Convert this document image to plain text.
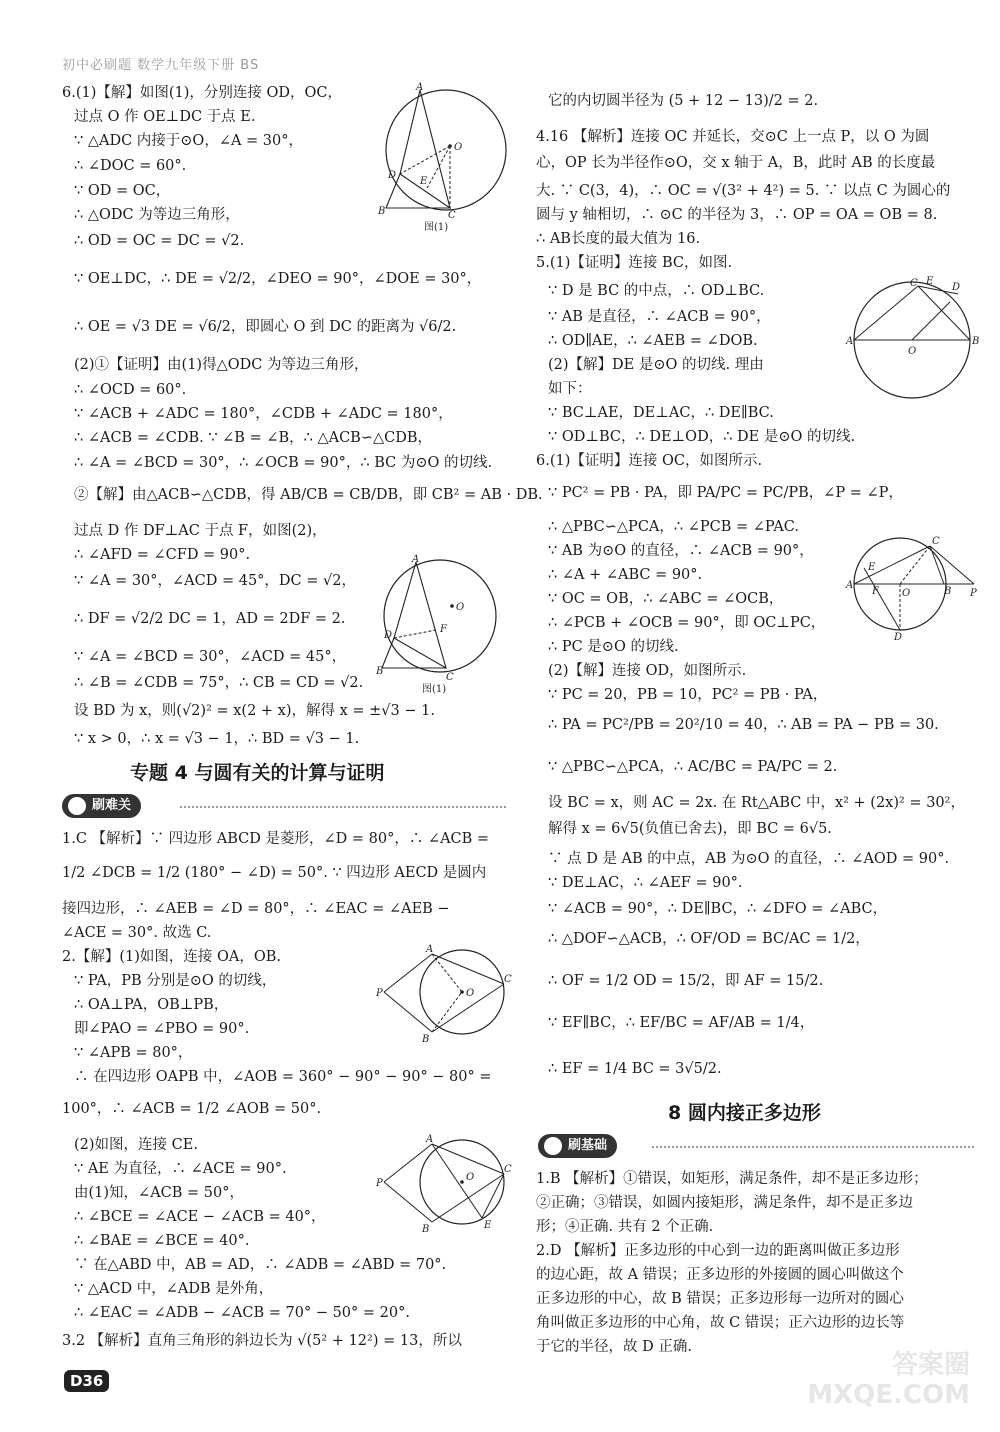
初中必刷题 数学九年级下册 BS
6.(1)【解】如图(1)，分别连接 OD，OC，
过点 O 作 OE⊥DC 于点 E.
∵ △ADC 内接于⊙O，∠A = 30°，
∴ ∠DOC = 60°.
∵ OD = OC，
∴ △ODC 为等边三角形，
∴ OD = OC = DC = √2.
∵ OE⊥DC，∴ DE = √2/2，∠DEO = 90°，∠DOE = 30°，
∴ OE = √3 DE = √6/2，即圆心 O 到 DC 的距离为 √6/2.
(2)①【证明】由(1)得△ODC 为等边三角形，
∴ ∠OCD = 60°.
∵ ∠ACB + ∠ADC = 180°，∠CDB + ∠ADC = 180°，
∴ ∠ACB = ∠CDB. ∵ ∠B = ∠B，∴ △ACB∽△CDB，
∴ ∠A = ∠BCD = 30°，∴ ∠OCB = 90°，∴ BC 为⊙O 的切线.
②【解】由△ACB∽△CDB，得 AB/CB = CB/DB，即 CB² = AB · DB.
过点 D 作 DF⊥AC 于点 F，如图(2)，
∴ ∠AFD = ∠CFD = 90°.
∵ ∠A = 30°，∠ACD = 45°，DC = √2，
∴ DF = √2/2 DC = 1，AD = 2DF = 2.
∵ ∠A = ∠BCD = 30°，∠ACD = 45°，
∴ ∠B = ∠CDB = 75°，∴ CB = CD = √2.
设 BD 为 x，则(√2)² = x(2 + x)，解得 x = ±√3 − 1.
∵ x > 0，∴ x = √3 − 1，∴ BD = √3 − 1.
1.C 【解析】∵ 四边形 ABCD 是菱形，∠D = 80°，∴ ∠ACB =
1/2 ∠DCB = 1/2 (180° − ∠D) = 50°. ∵ 四边形 AECD 是圆内
接四边形，∴ ∠AEB = ∠D = 80°，∴ ∠EAC = ∠AEB −
∠ACE = 30°. 故选 C.
2.【解】(1)如图，连接 OA，OB.
∵ PA，PB 分别是⊙O 的切线，
∴ OA⊥PA，OB⊥PB，
即∠PAO = ∠PBO = 90°.
∵ ∠APB = 80°，
∴ 在四边形 OAPB 中，∠AOB = 360° − 90° − 90° − 80° =
100°，∴ ∠ACB = 1/2 ∠AOB = 50°.
(2)如图，连接 CE.
∵ AE 为直径，∴ ∠ACE = 90°.
由(1)知，∠ACB = 50°，
∴ ∠BCE = ∠ACE − ∠ACB = 40°，
∴ ∠BAE = ∠BCE = 40°.
∵ 在△ABD 中，AB = AD，∴ ∠ADB = ∠ABD = 70°.
∵ △ACD 中，∠ADB 是外角，
∴ ∠EAC = ∠ADB − ∠ACB = 70° − 50° = 20°.
3.2 【解析】直角三角形的斜边长为 √(5² + 12²) = 13，所以
它的内切圆半径为 (5 + 12 − 13)/2 = 2.
4.16 【解析】连接 OC 并延长，交⊙C 上一点 P，以 O 为圆
心，OP 长为半径作⊙O，交 x 轴于 A，B，此时 AB 的长度最
大. ∵ C(3，4)，∴ OC = √(3² + 4²) = 5. ∵ 以点 C 为圆心的
圆与 y 轴相切，∴ ⊙C 的半径为 3，∴ OP = OA = OB = 8.
∴ AB长度的最大值为 16.
5.(1)【证明】连接 BC，如图.
∵ D 是 BC 的中点，∴ OD⊥BC.
∵ AB 是直径，∴ ∠ACB = 90°，
∴ OD∥AE，∴ ∠AEB = ∠DOB.
(2)【解】DE 是⊙O 的切线. 理由
如下：
∵ BC⊥AE，DE⊥AC，∴ DE∥BC.
∵ OD⊥BC，∴ DE⊥OD，∴ DE 是⊙O 的切线.
6.(1)【证明】连接 OC，如图所示.
∵ PC² = PB · PA，即 PA/PC = PC/PB，∠P = ∠P，
∴ △PBC∽△PCA，∴ ∠PCB = ∠PAC.
∵ AB 为⊙O 的直径，∴ ∠ACB = 90°，
∴ ∠A + ∠ABC = 90°.
∵ OC = OB，∴ ∠ABC = ∠OCB，
∴ ∠PCB + ∠OCB = 90°，即 OC⊥PC，
∴ PC 是⊙O 的切线.
(2)【解】连接 OD，如图所示.
∵ PC = 20，PB = 10，PC² = PB · PA，
∴ PA = PC²/PB = 20²/10 = 40，∴ AB = PA − PB = 30.
∵ △PBC∽△PCA，∴ AC/BC = PA/PC = 2.
设 BC = x，则 AC = 2x. 在 Rt△ABC 中，x² + (2x)² = 30²，
解得 x = 6√5(负值已舍去)，即 BC = 6√5.
∵ 点 D 是 AB 的中点，AB 为⊙O 的直径，∴ ∠AOD = 90°.
∵ DE⊥AC，∴ ∠AEF = 90°.
∵ ∠ACB = 90°，∴ DE∥BC，∴ ∠DFO = ∠ABC，
∴ △DOF∽△ACB，∴ OF/OD = BC/AC = 1/2，
∴ OF = 1/2 OD = 15/2，即 AF = 15/2.
∵ EF∥BC，∴ EF/BC = AF/AB = 1/4，
∴ EF = 1/4 BC = 3√5/2.
1.B 【解析】①错误，如矩形，满足条件，却不是正多边形；
②正确；③错误，如圆内接矩形，满足条件，却不是正多边
形；④正确. 共有 2 个正确.
2.D 【解析】正多边形的中心到一边的距离叫做正多边形
的边心距，故 A 错误；正多边形的外接圆的圆心叫做这个
正多边形的中心，故 B 错误；正多边形每一边所对的圆心
角叫做正多边形的中心角，故 C 错误；正六边形的边长等
于它的半径，故 D 正确.
专题 4 与圆有关的计算与证明
刷难关
8 圆内接正多边形
刷基础
A
O
D
E
B	C
图(1)
A
O
F
D
B
C
图(1)
A
P	O
C
B
A
P
O
C
B	E
A	B
O
C E
D
A
E
F O	B P
C
D
D36
答案圈
MXQE.COM
